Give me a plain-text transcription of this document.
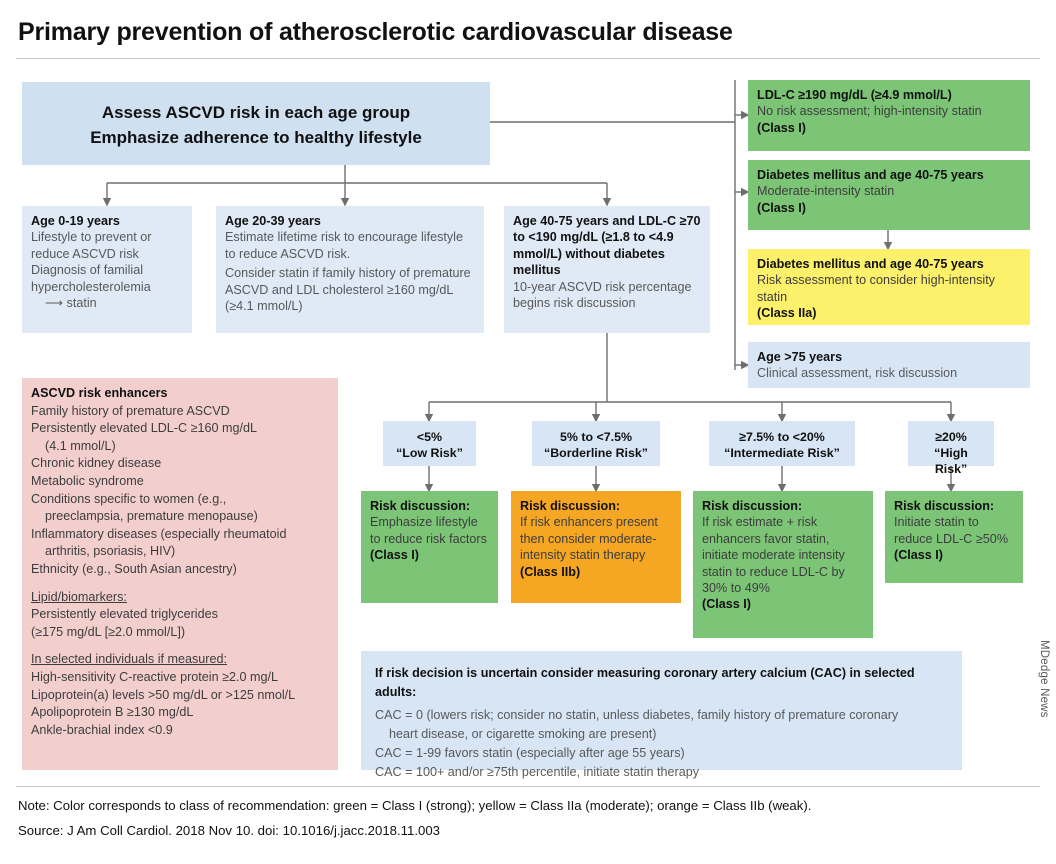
Primary prevention of atherosclerotic cardiovascular disease
Assess ASCVD risk in each age group
Emphasize adherence to healthy lifestyle
Age 0-19 years
Lifestyle to prevent or reduce ASCVD risk
Diagnosis of familial hypercholesterolemia
⟶ statin
Age 20-39 years
Estimate lifetime risk to encourage lifestyle to reduce ASCVD risk.
Consider statin if family history of premature ASCVD and LDL cholesterol ≥160 mg/dL (≥4.1 mmol/L)
Age 40-75 years and LDL-C ≥70 to <190 mg/dL (≥1.8 to <4.9 mmol/L) without diabetes mellitus
10-year ASCVD risk percentage begins risk discussion
LDL-C ≥190 mg/dL (≥4.9 mmol/L)
No risk assessment; high-intensity statin
(Class I)
Diabetes mellitus and age 40-75 years
Moderate-intensity statin
(Class I)
Diabetes mellitus and age 40-75 years
Risk assessment to consider high-intensity statin
(Class IIa)
Age >75 years
Clinical assessment, risk discussion
ASCVD risk enhancers
Family history of premature ASCVD
Persistently elevated LDL-C ≥160 mg/dL
(4.1 mmol/L)
Chronic kidney disease
Metabolic syndrome
Conditions specific to women (e.g.,
preeclampsia, premature menopause)
Inflammatory diseases (especially rheumatoid
arthritis, psoriasis, HIV)
Ethnicity (e.g., South Asian ancestry)
Lipid/biomarkers:
Persistently elevated triglycerides
(≥175 mg/dL [≥2.0 mmol/L])
In selected individuals if measured:
High-sensitivity C-reactive protein ≥2.0 mg/L
Lipoprotein(a) levels >50 mg/dL or >125 nmol/L
Apolipoprotein B ≥130 mg/dL
Ankle-brachial index <0.9
<5%
“Low Risk”
5% to <7.5%
“Borderline Risk”
≥7.5% to <20%
“Intermediate Risk”
≥20%
“High Risk”
Risk discussion:
Emphasize lifestyle to reduce risk factors
(Class I)
Risk discussion:
If risk enhancers present then consider moderate-intensity statin therapy
(Class IIb)
Risk discussion:
If risk estimate + risk enhancers favor statin, initiate moderate intensity statin to reduce LDL-C by 30% to 49%
(Class I)
Risk discussion:
Initiate statin to reduce LDL-C ≥50%
(Class I)
If risk decision is uncertain consider measuring coronary artery calcium (CAC) in selected adults:
CAC = 0 (lowers risk; consider no statin, unless diabetes, family history of premature coronary
heart disease, or cigarette smoking are present)
CAC = 1-99 favors statin (especially after age 55 years)
CAC = 100+ and/or ≥75th percentile, initiate statin therapy
MDedge News
Note: Color corresponds to class of recommendation: green = Class I (strong); yellow = Class IIa (moderate); orange = Class IIb (weak).
Source: J Am Coll Cardiol. 2018 Nov 10. doi: 10.1016/j.jacc.2018.11.003
